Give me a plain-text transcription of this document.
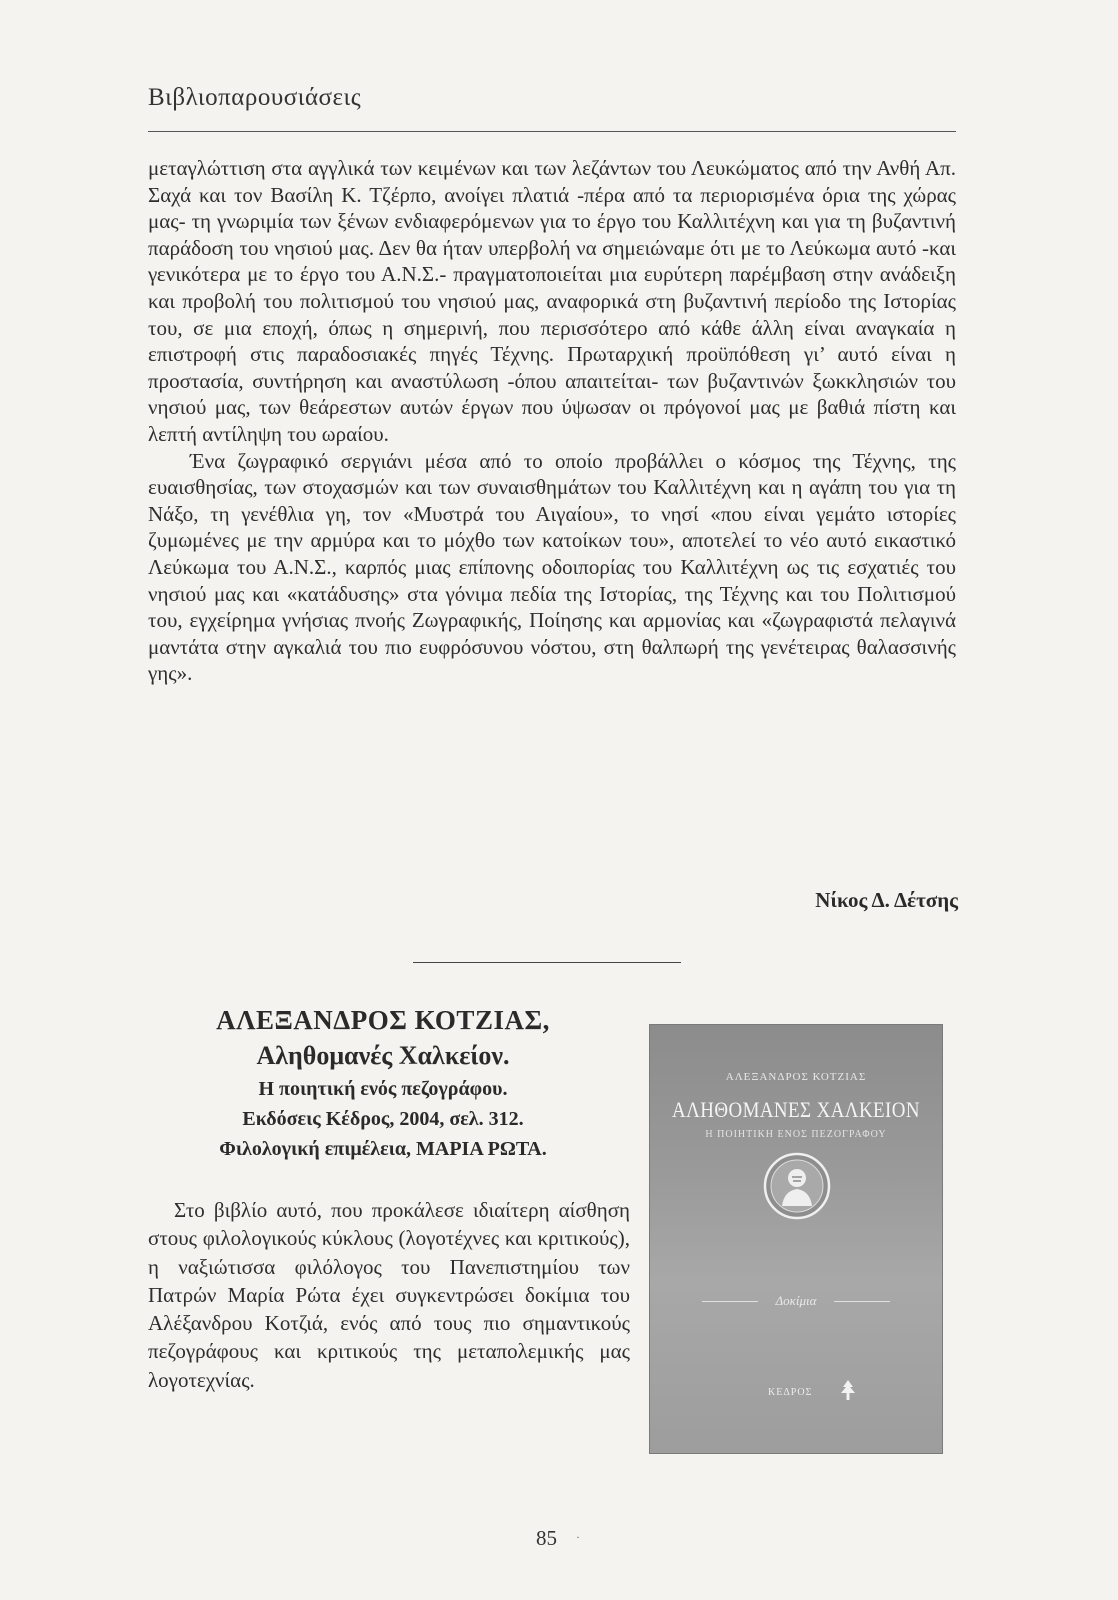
Βιβλιοπαρουσιάσεις

μεταγλώττιση στα αγγλικά των κειμένων και των λεζάντων του Λευκώματος από την Ανθή Απ. Σαχά και τον Βασίλη Κ. Τζέρπο, ανοίγει πλατιά -πέρα από τα περιορισμένα όρια της χώρας μας- τη γνωριμία των ξένων ενδιαφερόμενων για το έργο του Καλλιτέχνη και για τη βυζαντινή παράδοση του νησιού μας. Δεν θα ήταν υπερβολή να σημειώναμε ότι με το Λεύκωμα αυτό -και γενικότερα με το έργο του Α.Ν.Σ.- πραγματοποιείται μια ευρύτερη παρέμβαση στην ανάδειξη και προβολή του πολιτισμού του νησιού μας, αναφορικά στη βυζαντινή περίοδο της Ιστορίας του, σε μια εποχή, όπως η σημερινή, που περισσότερο από κάθε άλλη είναι αναγκαία η επιστροφή στις παραδοσιακές πηγές Τέχνης. Πρωταρχική προϋπόθεση γι’ αυτό είναι η προστασία, συντήρηση και αναστύλωση -όπου απαιτείται- των βυζαντινών ξωκκλησιών του νησιού μας, των θεάρεστων αυτών έργων που ύψωσαν οι πρόγονοί μας με βαθιά πίστη και λεπτή αντίληψη του ωραίου.

Ένα ζωγραφικό σεργιάνι μέσα από το οποίο προβάλλει ο κόσμος της Τέχνης, της ευαισθησίας, των στοχασμών και των συναισθημάτων του Καλλιτέχνη και η αγάπη του για τη Νάξο, τη γενέθλια γη, τον «Μυστρά του Αιγαίου», το νησί «που είναι γεμάτο ιστορίες ζυμωμένες με την αρμύρα και το μόχθο των κατοίκων του», αποτελεί το νέο αυτό εικαστικό Λεύκωμα του Α.Ν.Σ., καρπός μιας επίπονης οδοιπορίας του Καλλιτέχνη ως τις εσχατιές του νησιού μας και «κατάδυσης» στα γόνιμα πεδία της Ιστορίας, της Τέχνης και του Πολιτισμού του, εγχείρημα γνήσιας πνοής Ζωγραφικής, Ποίησης και αρμονίας και «ζωγραφιστά πελαγινά μαντάτα στην αγκαλιά του πιο ευφρόσυνου νόστου, στη θαλπωρή της γενέτειρας θαλασσινής γης».

Νίκος Δ. Δέτσης
ΑΛΕΞΑΝΔΡΟΣ ΚΟΤΖΙΑΣ,
Αληθομανές Χαλκείον.
Η ποιητική ενός πεζογράφου.
Εκδόσεις Κέδρος, 2004, σελ. 312.
Φιλολογική επιμέλεια, ΜΑΡΙΑ ΡΩΤΑ.

Στο βιβλίο αυτό, που προκάλεσε ιδιαίτερη αίσθηση στους φιλολογικούς κύκλους (λογοτέχνες και κριτικούς), η ναξιώτισσα φιλόλογος του Πανεπιστημίου των Πατρών Μαρία Ρώτα έχει συγκεντρώσει δοκίμια του Αλέξανδρου Κοτζιά, ενός από τους πιο σημαντικούς πεζογράφους και κριτικούς της μεταπολεμικής μας λογοτεχνίας.

ΑΛΕΞΑΝΔΡΟΣ ΚΟΤΖΙΑΣ
ΑΛΗΘΟΜΑΝΕΣ ΧΑΛΚΕΙΟΝ
Η ΠΟΙΗΤΙΚΗ ΕΝΟΣ ΠΕΖΟΓΡΑΦΟΥ
Δοκίμια
ΚΕΔΡΟΣ
85 ·
